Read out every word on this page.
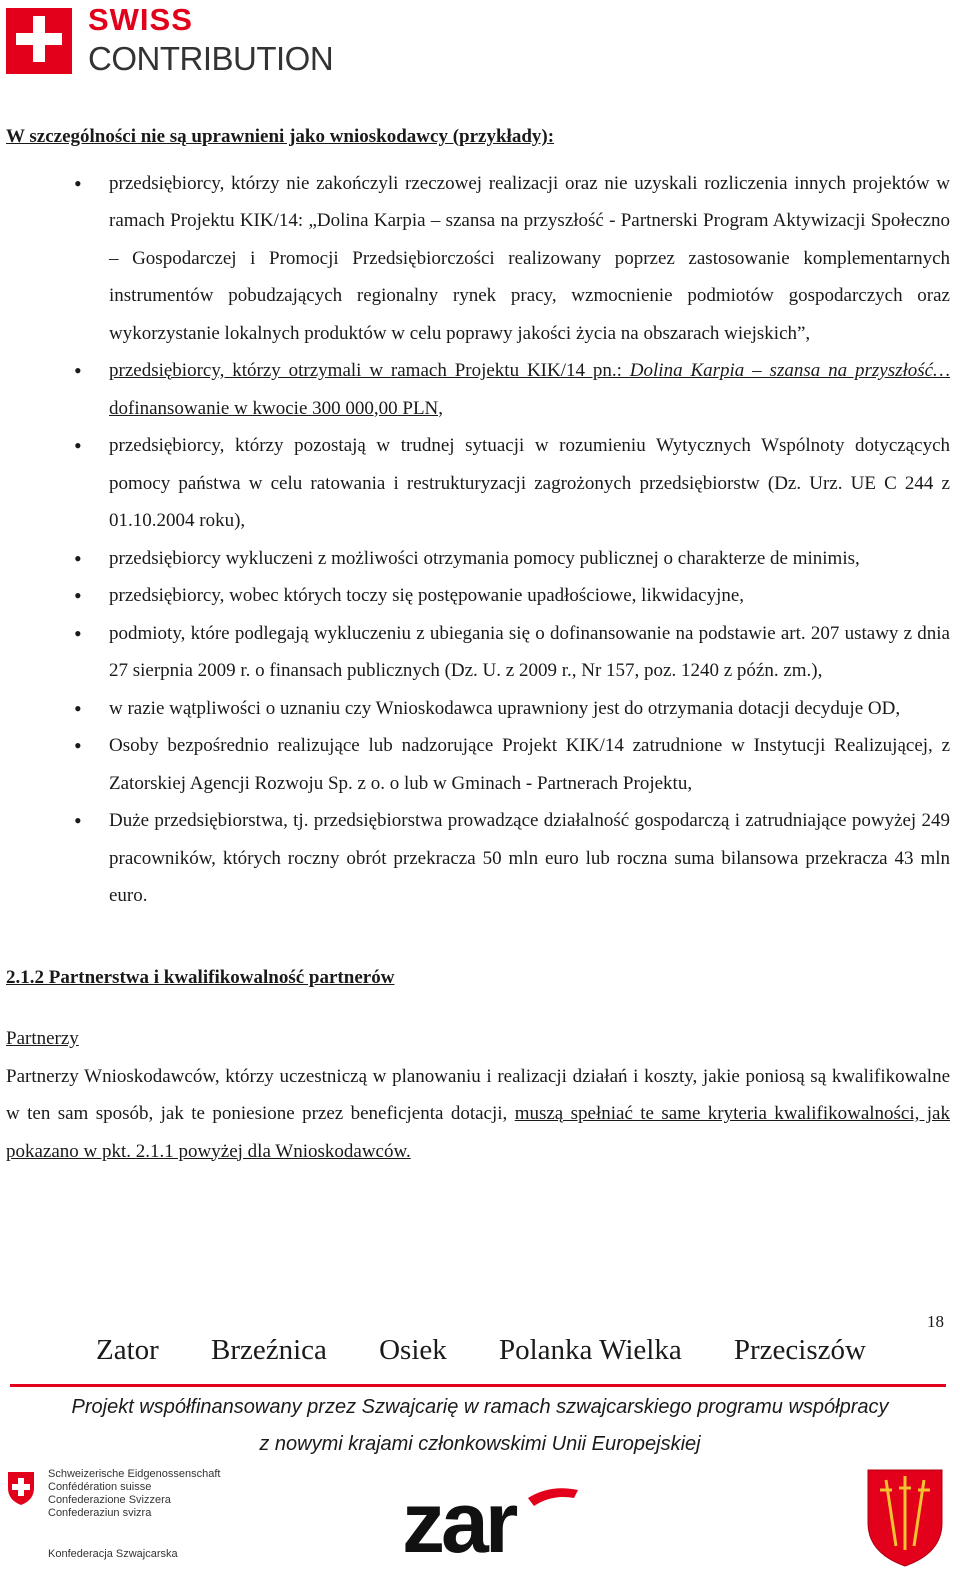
SWISS
CONTRIBUTION
W szczególności nie są uprawnieni jako wnioskodawcy (przykłady):
• przedsiębiorcy, którzy nie zakończyli rzeczowej realizacji oraz nie uzyskali rozliczenia innych projektów w ramach Projektu KIK/14: „Dolina Karpia – szansa na przyszłość - Partnerski Program Aktywizacji Społeczno – Gospodarczej i Promocji Przedsiębiorczości realizowany poprzez zastosowanie komplementarnych instrumentów pobudzających regionalny rynek pracy, wzmocnienie podmiotów gospodarczych oraz wykorzystanie lokalnych produktów w celu poprawy jakości życia na obszarach wiejskich”,
• przedsiębiorcy, którzy otrzymali w ramach Projektu KIK/14 pn.: Dolina Karpia – szansa na przyszłość… dofinansowanie w kwocie 300 000,00 PLN,
• przedsiębiorcy, którzy pozostają w trudnej sytuacji w rozumieniu Wytycznych Wspólnoty dotyczących pomocy państwa w celu ratowania i restrukturyzacji zagrożonych przedsiębiorstw (Dz. Urz. UE C 244 z 01.10.2004 roku),
• przedsiębiorcy wykluczeni z możliwości otrzymania pomocy publicznej o charakterze de minimis,
• przedsiębiorcy, wobec których toczy się postępowanie upadłościowe, likwidacyjne,
• podmioty, które podlegają wykluczeniu z ubiegania się o dofinansowanie na podstawie art. 207 ustawy z dnia 27 sierpnia 2009 r. o finansach publicznych (Dz. U. z 2009 r., Nr 157, poz. 1240 z późn. zm.),
• w razie wątpliwości o uznaniu czy Wnioskodawca uprawniony jest do otrzymania dotacji decyduje OD,
• Osoby bezpośrednio realizujące lub nadzorujące Projekt KIK/14 zatrudnione w Instytucji Realizującej, z Zatorskiej Agencji Rozwoju Sp. z o. o lub w Gminach - Partnerach Projektu,
• Duże przedsiębiorstwa, tj. przedsiębiorstwa prowadzące działalność gospodarczą i zatrudniające powyżej 249 pracowników, których roczny obrót przekracza 50 mln euro lub roczna suma bilansowa przekracza 43 mln euro.
2.1.2 Partnerstwa i kwalifikowalność partnerów
Partnerzy
Partnerzy Wnioskodawców, którzy uczestniczą w planowaniu i realizacji działań i koszty, jakie poniosą są kwalifikowalne w ten sam sposób, jak te poniesione przez beneficjenta dotacji, muszą spełniać te same kryteria kwalifikowalności, jak pokazano w pkt. 2.1.1 powyżej dla Wnioskodawców.
18
Zator Brzeźnica Osiek Polanka Wielka Przeciszów
Projekt współfinansowany przez Szwajcarię w ramach szwajcarskiego programu współpracy
z nowymi krajami członkowskimi Unii Europejskiej
Schweizerische Eidgenossenschaft
Confédération suisse
Confederazione Svizzera
Confederaziun svizra
Konfederacja Szwajcarska	zar
